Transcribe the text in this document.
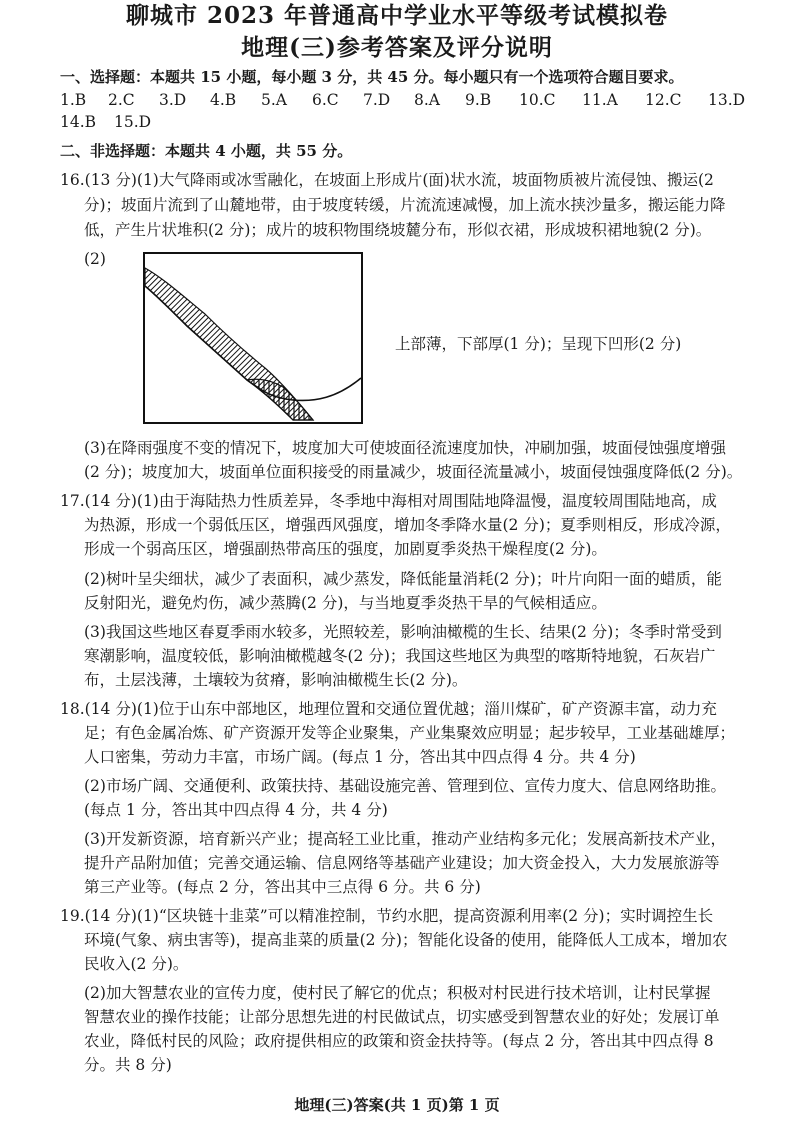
聊城市 2023 年普通高中学业水平等级考试模拟卷
地理(三)参考答案及评分说明
一、选择题：本题共 15 小题，每小题 3 分，共 45 分。每小题只有一个选项符合题目要求。
1.B 2.C 3.D 4.B 5.A 6.C 7.D 8.A 9.B 10.C 11.A 12.C 13.D
14.B 15.D
二、非选择题：本题共 4 小题，共 55 分。
16.(13 分)(1)大气降雨或冰雪融化，在坡面上形成片(面)状水流，坡面物质被片流侵蚀、搬运(2
分)；坡面片流到了山麓地带，由于坡度转缓，片流流速减慢，加上流水挟沙量多，搬运能力降
低，产生片状堆积(2 分)；成片的坡积物围绕坡麓分布，形似衣裙，形成坡积裙地貌(2 分)。
(2)
上部薄，下部厚(1 分)；呈现下凹形(2 分)
(3)在降雨强度不变的情况下，坡度加大可使坡面径流速度加快，冲刷加强，坡面侵蚀强度增强
(2 分)；坡度加大，坡面单位面积接受的雨量减少，坡面径流量减小，坡面侵蚀强度降低(2 分)。
17.(14 分)(1)由于海陆热力性质差异，冬季地中海相对周围陆地降温慢，温度较周围陆地高，成
为热源，形成一个弱低压区，增强西风强度，增加冬季降水量(2 分)；夏季则相反，形成冷源，
形成一个弱高压区，增强副热带高压的强度，加剧夏季炎热干燥程度(2 分)。
(2)树叶呈尖细状，减少了表面积，减少蒸发，降低能量消耗(2 分)；叶片向阳一面的蜡质，能
反射阳光，避免灼伤，减少蒸腾(2 分)，与当地夏季炎热干旱的气候相适应。
(3)我国这些地区春夏季雨水较多，光照较差，影响油橄榄的生长、结果(2 分)；冬季时常受到
寒潮影响，温度较低，影响油橄榄越冬(2 分)；我国这些地区为典型的喀斯特地貌，石灰岩广
布，土层浅薄，土壤较为贫瘠，影响油橄榄生长(2 分)。
18.(14 分)(1)位于山东中部地区，地理位置和交通位置优越；淄川煤矿，矿产资源丰富，动力充
足；有色金属冶炼、矿产资源开发等企业聚集，产业集聚效应明显；起步较早，工业基础雄厚；
人口密集，劳动力丰富，市场广阔。(每点 1 分，答出其中四点得 4 分。共 4 分)
(2)市场广阔、交通便利、政策扶持、基础设施完善、管理到位、宣传力度大、信息网络助推。
(每点 1 分，答出其中四点得 4 分，共 4 分)
(3)开发新资源，培育新兴产业；提高轻工业比重，推动产业结构多元化；发展高新技术产业，
提升产品附加值；完善交通运输、信息网络等基础产业建设；加大资金投入，大力发展旅游等
第三产业等。(每点 2 分，答出其中三点得 6 分。共 6 分)
19.(14 分)(1)“区块链十韭菜”可以精准控制，节约水肥，提高资源利用率(2 分)；实时调控生长
环境(气象、病虫害等)，提高韭菜的质量(2 分)；智能化设备的使用，能降低人工成本，增加农
民收入(2 分)。
(2)加大智慧农业的宣传力度，使村民了解它的优点；积极对村民进行技术培训，让村民掌握
智慧农业的操作技能；让部分思想先进的村民做试点，切实感受到智慧农业的好处；发展订单
农业，降低村民的风险；政府提供相应的政策和资金扶持等。(每点 2 分，答出其中四点得 8
分。共 8 分)
地理(三)答案(共 1 页)第 1 页
